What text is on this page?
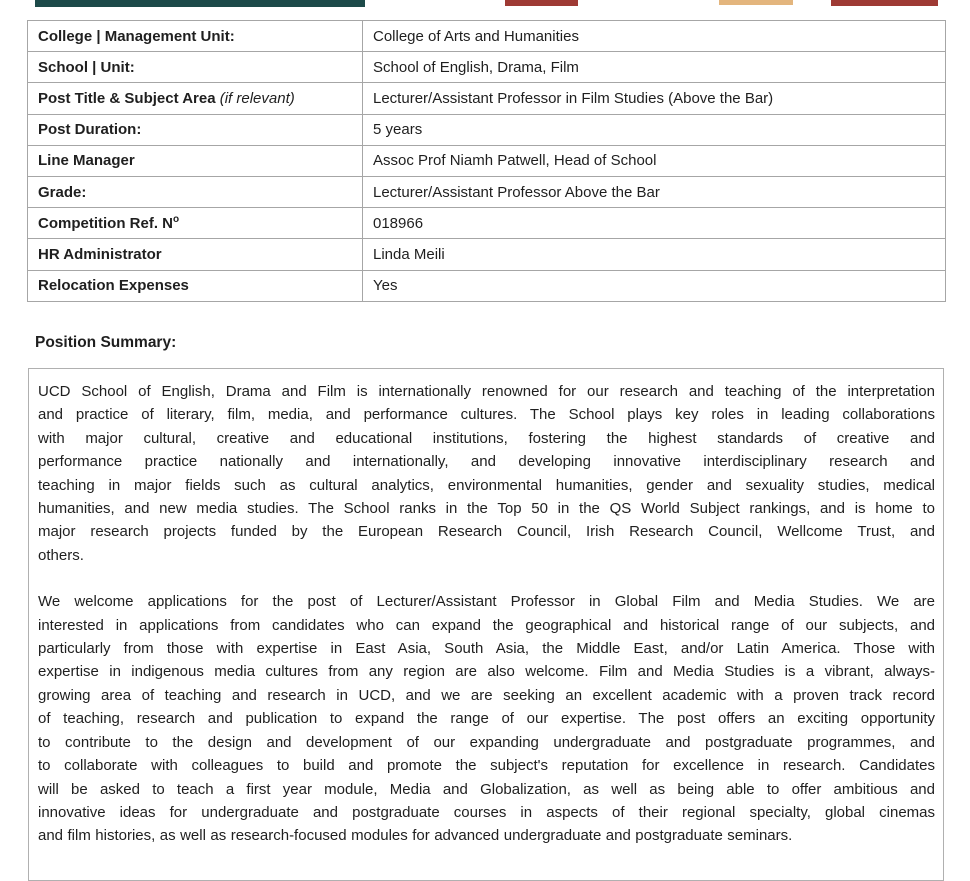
College | Management Unit:	College of Arts and Humanities
School | Unit:	School of English, Drama, Film
Post Title & Subject Area (if relevant)	Lecturer/Assistant Professor in Film Studies (Above the Bar)
Post Duration:	5 years
Line Manager	Assoc Prof Niamh Patwell, Head of School
Grade:	Lecturer/Assistant Professor Above the Bar
Competition Ref. $N^o$	018966
HR Administrator	Linda Meili
Relocation Expenses	Yes
Position Summary:
UCD School of English, Drama and Film is internationally renowned for our research and teaching of the interpretation
and practice of literary, film, media, and performance cultures. The School plays key roles in leading collaborations
with major cultural, creative and educational institutions, fostering the highest standards of creative and
performance practice nationally and internationally, and developing innovative interdisciplinary research and
teaching in major fields such as cultural analytics, environmental humanities, gender and sexuality studies, medical
humanities, and new media studies. The School ranks in the Top 50 in the QS World Subject rankings, and is home to
major research projects funded by the European Research Council, Irish Research Council, Wellcome Trust, and
others.
We welcome applications for the post of Lecturer/Assistant Professor in Global Film and Media Studies. We are
interested in applications from candidates who can expand the geographical and historical range of our subjects, and
particularly from those with expertise in East Asia, South Asia, the Middle East, and/or Latin America. Those with
expertise in indigenous media cultures from any region are also welcome. Film and Media Studies is a vibrant, always-
growing area of teaching and research in UCD, and we are seeking an excellent academic with a proven track record
of teaching, research and publication to expand the range of our expertise. The post offers an exciting opportunity
to contribute to the design and development of our expanding undergraduate and postgraduate programmes, and
to collaborate with colleagues to build and promote the subject's reputation for excellence in research. Candidates
will be asked to teach a first year module, Media and Globalization, as well as being able to offer ambitious and
innovative ideas for undergraduate and postgraduate courses in aspects of their regional specialty, global cinemas
and film histories, as well as research-focused modules for advanced undergraduate and postgraduate seminars.
